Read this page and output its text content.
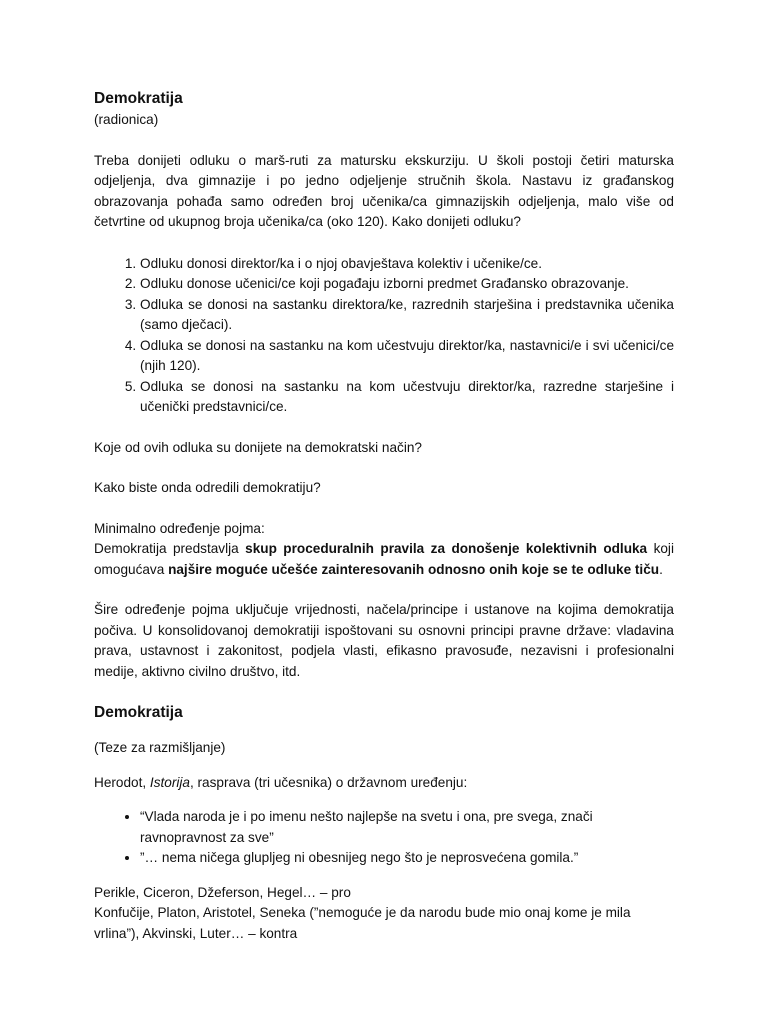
Demokratija

(radionica)

Treba donijeti odluku o marš-ruti za matursku ekskurziju. U školi postoji četiri maturska odjeljenja, dva gimnazije i po jedno odjeljenje stručnih škola. Nastavu iz građanskog obrazovanja pohađa samo određen broj učenika/ca gimnazijskih odjeljenja, malo više od četvrtine od ukupnog broja učenika/ca (oko 120). Kako donijeti odluku?

1. Odluku donosi direktor/ka i o njoj obavještava kolektiv i učenike/ce.
2. Odluku donose učenici/ce koji pogađaju izborni predmet Građansko obrazovanje.
3. Odluka se donosi na sastanku direktora/ke, razrednih starješina i predstavnika učenika (samo dječaci).
4. Odluka se donosi na sastanku na kom učestvuju direktor/ka, nastavnici/e i svi učenici/ce (njih 120).
5. Odluka se donosi na sastanku na kom učestvuju direktor/ka, razredne starješine i učenički predstavnici/ce.

Koje od ovih odluka su donijete na demokratski način?

Kako biste onda odredili demokratiju?

Minimalno određenje pojma:

Demokratija predstavlja skup proceduralnih pravila za donošenje kolektivnih odluka koji omogućava najšire moguće učešće zainteresovanih odnosno onih koje se te odluke tiču.

Šire određenje pojma uključuje vrijednosti, načela/principe i ustanove na kojima demokratija počiva. U konsolidovanoj demokratiji ispoštovani su osnovni principi pravne države: vladavina prava, ustavnost i zakonitost, podjela vlasti, efikasno pravosuđe, nezavisni i profesionalni medije, aktivno civilno društvo, itd.

Demokratija

(Teze za razmišljanje)

Herodot, Istorija, rasprava (tri učesnika) o državnom uređenju:

• “Vlada naroda je i po imenu nešto najlepše na svetu i ona, pre svega, znači ravnopravnost za sve”
• ”… nema ničega glupljeg ni obesnijeg nego što je neprosvećena gomila.”

Perikle, Ciceron, Džeferson, Hegel… – pro

Konfučije, Platon, Aristotel, Seneka (”nemoguće je da narodu bude mio onaj kome je mila vrlina”), Akvinski, Luter… – kontra
